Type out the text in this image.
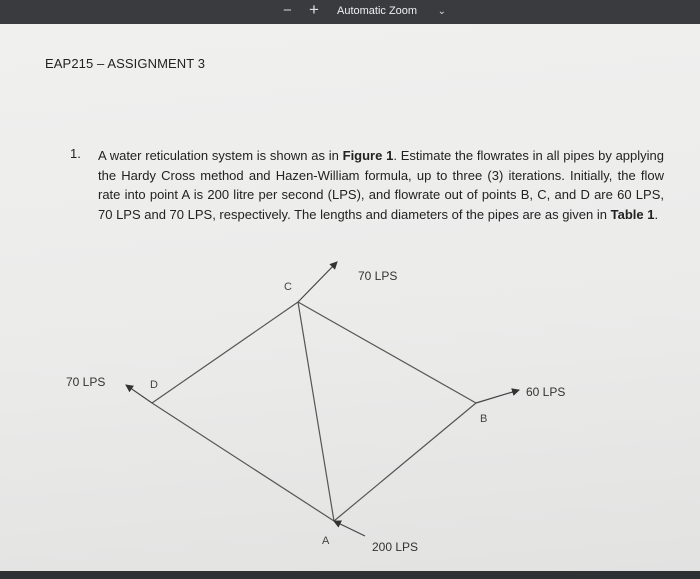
− +	Automatic Zoom ⌄
EAP215 – ASSIGNMENT 3
1. A water reticulation system is shown as in Figure 1. Estimate the flowrates in all pipes by applying the Hardy Cross method and Hazen-William formula, up to three (3) iterations. Initially, the flow rate into point A is 200 litre per second (LPS), and flowrate out of points B, C, and D are 60 LPS, 70 LPS and 70 LPS, respectively. The lengths and diameters of the pipes are as given in Table 1.

C
D
B
A
70 LPS
70 LPS
60 LPS
200 LPS
